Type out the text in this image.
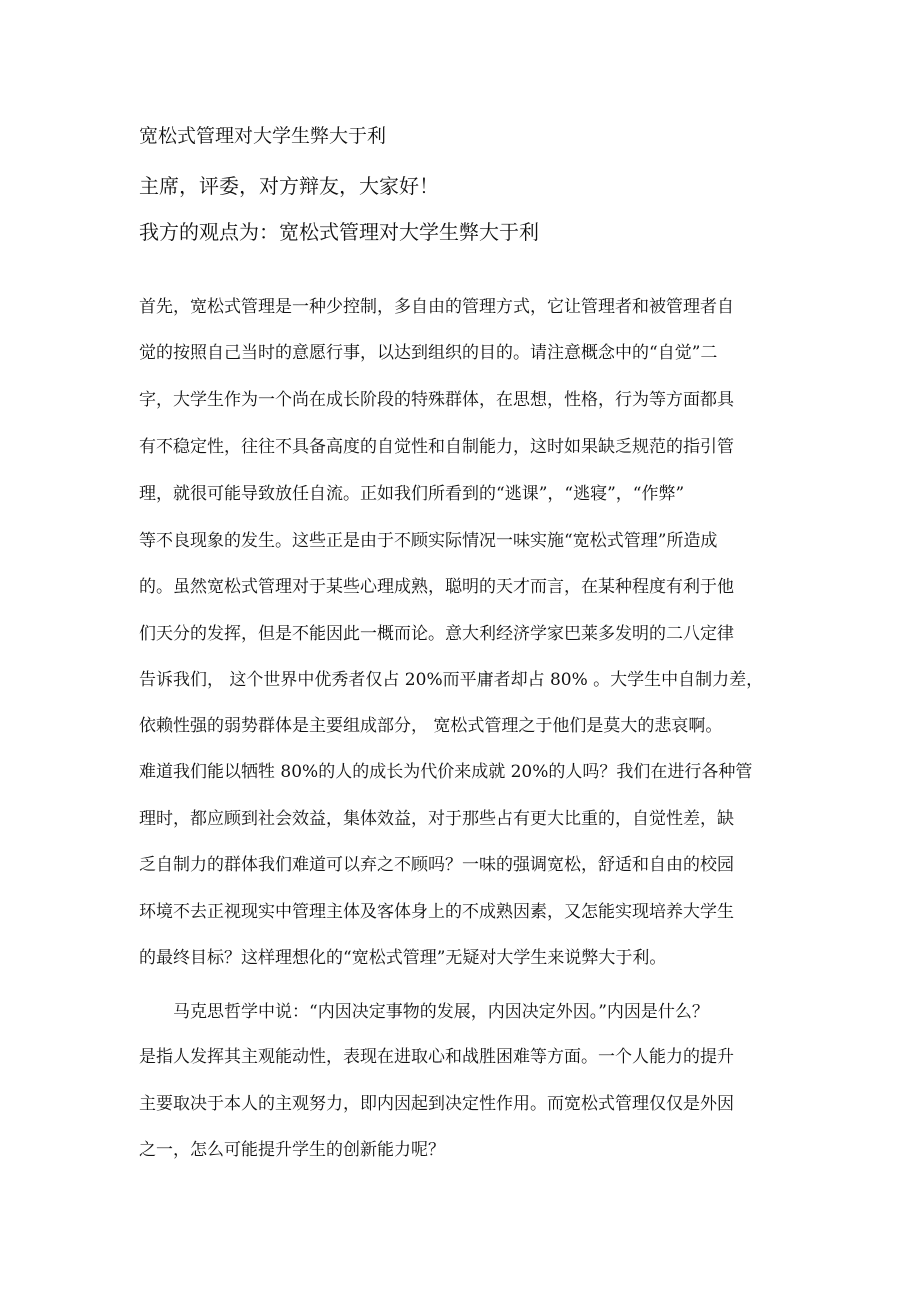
宽松式管理对大学生弊大于利
主席，评委，对方辩友，大家好！
我方的观点为：宽松式管理对大学生弊大于利
首先，宽松式管理是一种少控制，多自由的管理方式，它让管理者和被管理者自
觉的按照自己当时的意愿行事，以达到组织的目的。请注意概念中的“自觉”二
字，大学生作为一个尚在成长阶段的特殊群体，在思想，性格，行为等方面都具
有不稳定性，往往不具备高度的自觉性和自制能力，这时如果缺乏规范的指引管
理，就很可能导致放任自流。正如我们所看到的“逃课”，“逃寝”，“作弊”
等不良现象的发生。这些正是由于不顾实际情况一味实施“宽松式管理”所造成
的。虽然宽松式管理对于某些心理成熟，聪明的天才而言，在某种程度有利于他
们天分的发挥，但是不能因此一概而论。意大利经济学家巴莱多发明的二八定律
告诉我们， 这个世界中优秀者仅占 20%而平庸者却占 80% 。大学生中自制力差，
依赖性强的弱势群体是主要组成部分， 宽松式管理之于他们是莫大的悲哀啊。
难道我们能以牺牲 80%的人的成长为代价来成就 20%的人吗？我们在进行各种管
理时，都应顾到社会效益，集体效益，对于那些占有更大比重的，自觉性差，缺
乏自制力的群体我们难道可以弃之不顾吗？一味的强调宽松，舒适和自由的校园
环境不去正视现实中管理主体及客体身上的不成熟因素，又怎能实现培养大学生
的最终目标？这样理想化的“宽松式管理”无疑对大学生来说弊大于利。
　　马克思哲学中说：“内因决定事物的发展，内因决定外因。”内因是什么？
是指人发挥其主观能动性，表现在进取心和战胜困难等方面。一个人能力的提升
主要取决于本人的主观努力，即内因起到决定性作用。而宽松式管理仅仅是外因
之一，怎么可能提升学生的创新能力呢？
